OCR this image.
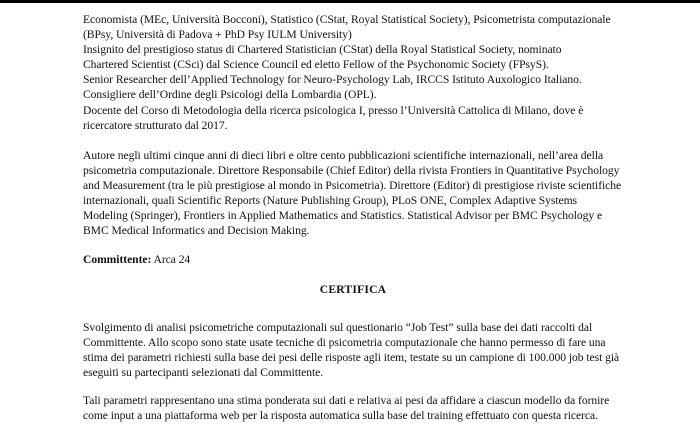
Economista (MEc, Università Bocconi), Statistico (CStat, Royal Statistical Society), Psicometrista computazionale
(BPsy, Università di Padova + PhD Psy IULM University)
Insignito del prestigioso status di Chartered Statistician (CStat) della Royal Statistical Society, nominato
Chartered Scientist (CSci) dal Science Council ed eletto Fellow of the Psychonomic Society (FPsyS).
Senior Researcher dell’Applied Technology for Neuro-Psychology Lab, IRCCS Istituto Auxologico Italiano.
Consigliere dell’Ordine degli Psicologi della Lombardia (OPL).
Docente del Corso di Metodologia della ricerca psicologica I, presso l’Università Cattolica di Milano, dove è
ricercatore strutturato dal 2017.

Autore negli ultimi cinque anni di dieci libri e oltre cento pubblicazioni scientifiche internazionali, nell’area della psicometria computazionale. Direttore Responsabile (Chief Editor) della rivista Frontiers in Quantitative Psychology and Measurement (tra le più prestigiose al mondo in Psicometria). Direttore (Editor) di prestigiose riviste scientifiche internazionali, quali Scientific Reports (Nature Publishing Group), PLoS ONE, Complex Adaptive Systems Modeling (Springer), Frontiers in Applied Mathematics and Statistics. Statistical Advisor per BMC Psychology e BMC Medical Informatics and Decision Making.

Committente: Arca 24

CERTIFICA

Svolgimento di analisi psicometriche computazionali sul questionario “Job Test” sulla base dei dati raccolti dal Committente. Allo scopo sono state usate tecniche di psicometria computazionale che hanno permesso di fare una stima dei parametri richiesti sulla base dei pesi delle risposte agli item, testate su un campione di 100.000 job test già eseguiti su partecipanti selezionati dal Committente.

Tali parametri rappresentano una stima ponderata sui dati e relativa ai pesi da affidare a ciascun modello da fornire come input a una piattaforma web per la risposta automatica sulla base del training effettuato con questa ricerca.
